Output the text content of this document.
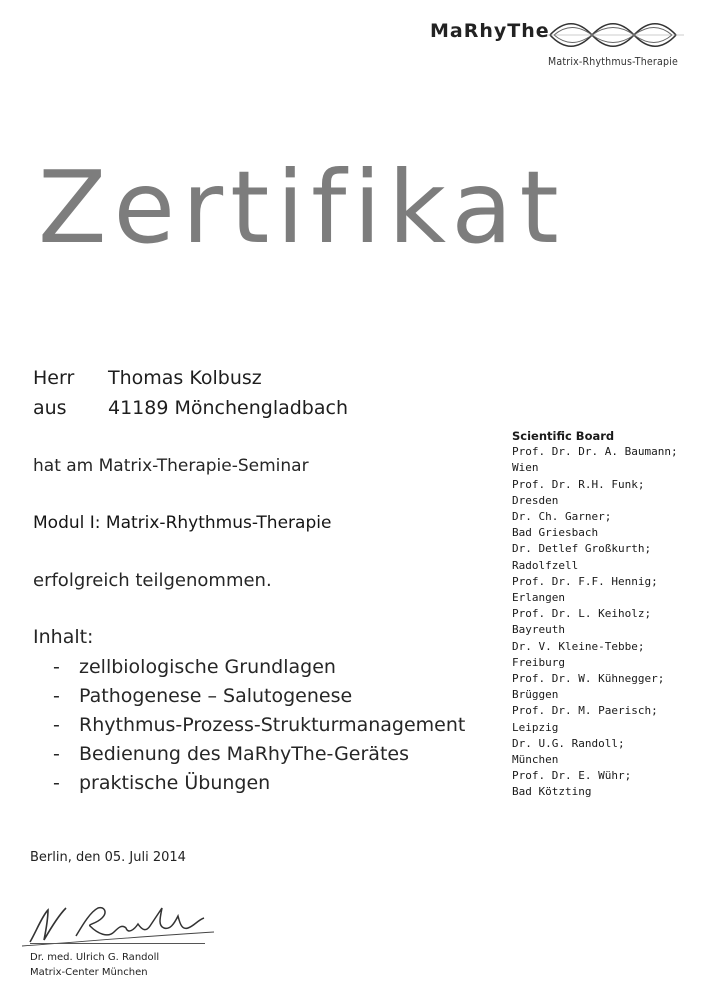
MaRhyThe
Matrix-Rhythmus-Therapie
Zertifikat
Herr Thomas Kolbusz
aus 41189 Mönchengladbach
hat am Matrix-Therapie-Seminar
Modul I: Matrix-Rhythmus-Therapie
erfolgreich teilgenommen.
Inhalt:
- zellbiologische Grundlagen
- Pathogenese – Salutogenese
- Rhythmus-Prozess-Strukturmanagement
- Bedienung des MaRhyThe-Gerätes
- praktische Übungen
Scientific Board
Prof. Dr. Dr. A. Baumann;
Wien
Prof. Dr. R.H. Funk;
Dresden
Dr. Ch. Garner;
Bad Griesbach
Dr. Detlef Großkurth;
Radolfzell
Prof. Dr. F.F. Hennig;
Erlangen
Prof. Dr. L. Keiholz;
Bayreuth
Dr. V. Kleine-Tebbe;
Freiburg
Prof. Dr. W. Kühnegger;
Brüggen
Prof. Dr. M. Paerisch;
Leipzig
Dr. U.G. Randoll;
München
Prof. Dr. E. Wühr;
Bad Kötzting
Berlin, den 05. Juli 2014
Dr. med. Ulrich G. Randoll
Matrix-Center München
